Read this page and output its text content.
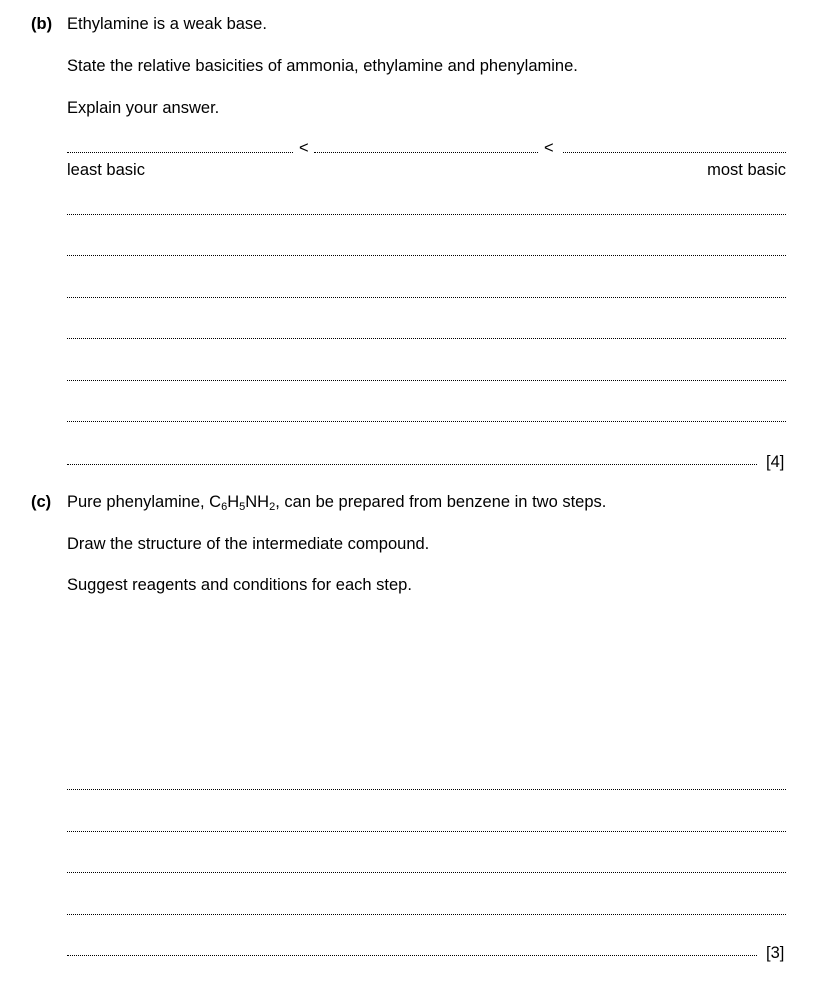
(b) Ethylamine is a weak base.
State the relative basicities of ammonia, ethylamine and phenylamine.
Explain your answer.
<	<
least basic	most basic
[4]
(c) Pure phenylamine, $C_6H_5NH_2$, can be prepared from benzene in two steps.
Draw the structure of the intermediate compound.
Suggest reagents and conditions for each step.
[3]
